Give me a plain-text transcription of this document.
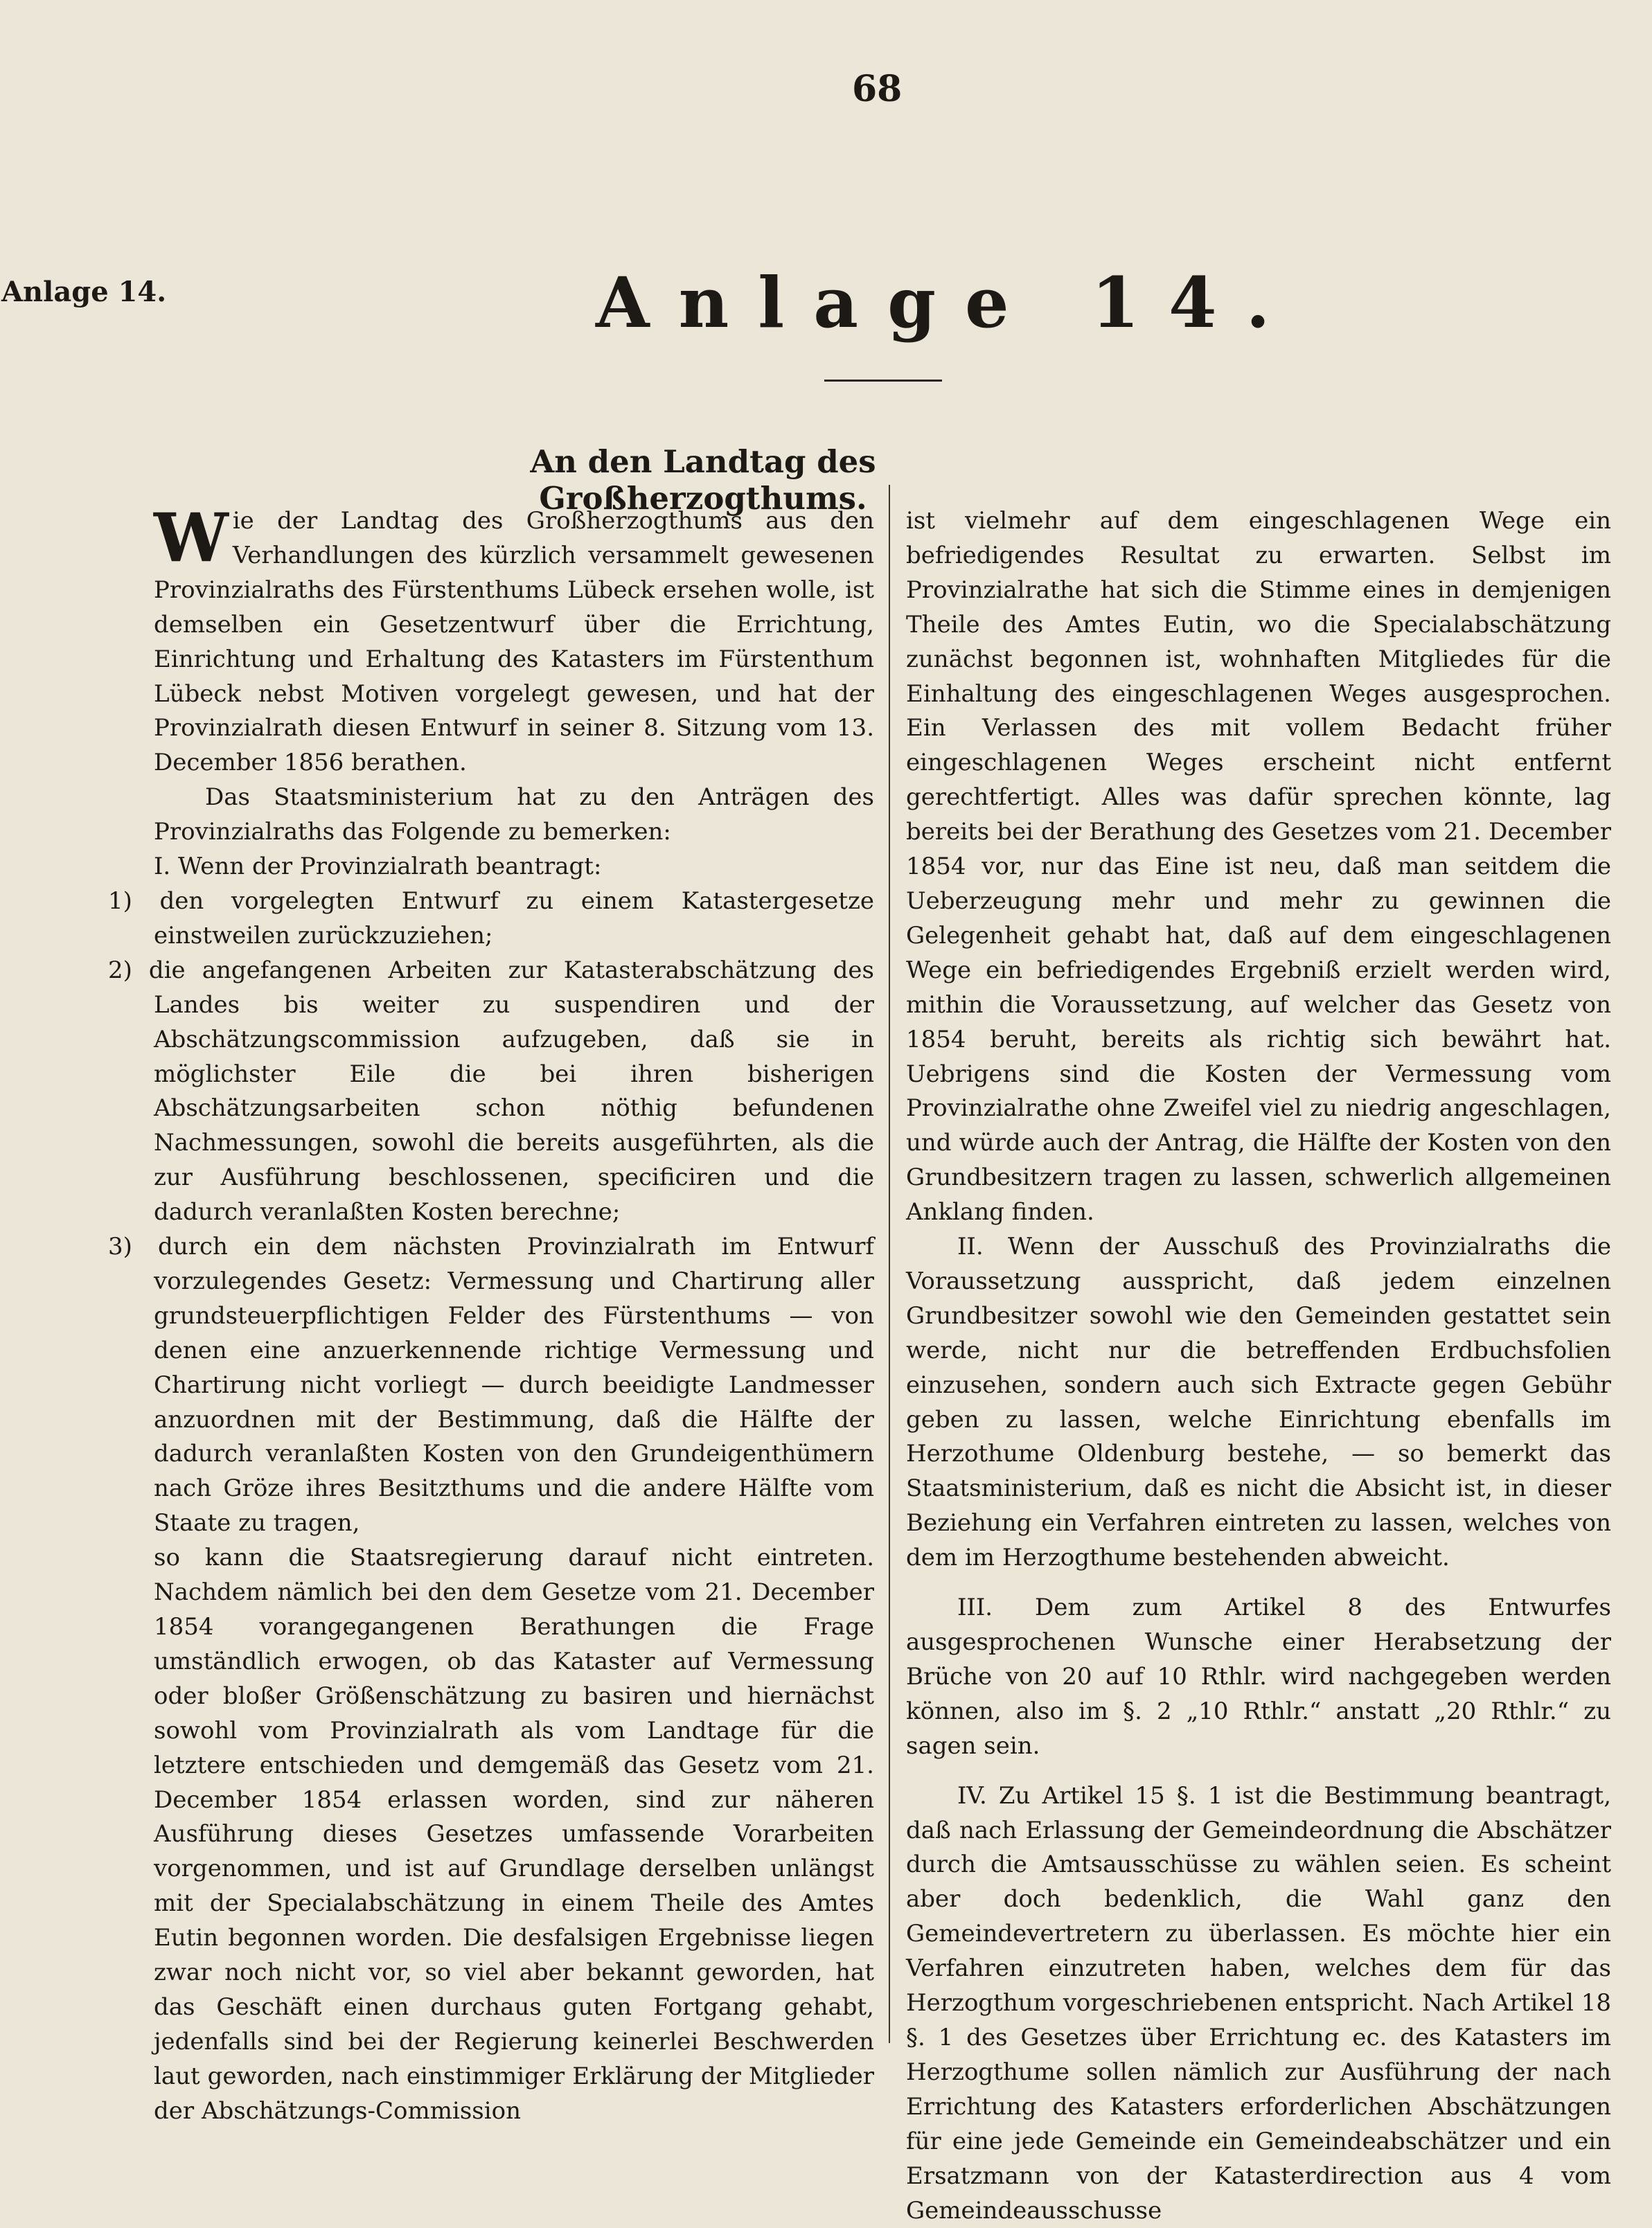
68
Anlage 14.	Anlage 14.
An den Landtag des Großherzogthums.

Wie der Landtag des Großherzogthums aus den Verhandlungen des kürzlich versammelt gewesenen Provinzialraths des Fürstenthums Lübeck ersehen wolle, ist demselben ein Gesetzentwurf über die Errichtung, Einrichtung und Erhaltung des Katasters im Fürstenthum Lübeck nebst Motiven vorgelegt gewesen, und hat der Provinzialrath diesen Entwurf in seiner 8. Sitzung vom 13. December 1856 berathen.

Das Staatsministerium hat zu den Anträgen des Provinzialraths das Folgende zu bemerken:

I. Wenn der Provinzialrath beantragt:

1) den vorgelegten Entwurf zu einem Katastergesetze einstweilen zurückzuziehen;

2) die angefangenen Arbeiten zur Katasterabschätzung des Landes bis weiter zu suspendiren und der Abschätzungscommission aufzugeben, daß sie in möglichster Eile die bei ihren bisherigen Abschätzungsarbeiten schon nöthig befundenen Nachmessungen, sowohl die bereits ausgeführten, als die zur Ausführung beschlossenen, specificiren und die dadurch veranlaßten Kosten berechne;

3) durch ein dem nächsten Provinzialrath im Entwurf vorzulegendes Gesetz: Vermessung und Chartirung aller grundsteuerpflichtigen Felder des Fürstenthums — von denen eine anzuerkennende richtige Vermessung und Chartirung nicht vorliegt — durch beeidigte Landmesser anzuordnen mit der Bestimmung, daß die Hälfte der dadurch veranlaßten Kosten von den Grundeigenthümern nach Gröze ihres Besitzthums und die andere Hälfte vom Staate zu tragen,

so kann die Staatsregierung darauf nicht eintreten. Nachdem nämlich bei den dem Gesetze vom 21. December 1854 vorangegangenen Berathungen die Frage umständlich erwogen, ob das Kataster auf Vermessung oder bloßer Größenschätzung zu basiren und hiernächst sowohl vom Provinzialrath als vom Landtage für die letztere entschieden und demgemäß das Gesetz vom 21. December 1854 erlassen worden, sind zur näheren Ausführung dieses Gesetzes umfassende Vorarbeiten vorgenommen, und ist auf Grundlage derselben unlängst mit der Specialabschätzung in einem Theile des Amtes Eutin begonnen worden. Die desfalsigen Ergebnisse liegen zwar noch nicht vor, so viel aber bekannt geworden, hat das Geschäft einen durchaus guten Fortgang gehabt, jedenfalls sind bei der Regierung keinerlei Beschwerden laut geworden, nach einstimmiger Erklärung der Mitglieder der Abschätzungs-Commission

ist vielmehr auf dem eingeschlagenen Wege ein befriedigendes Resultat zu erwarten. Selbst im Provinzialrathe hat sich die Stimme eines in demjenigen Theile des Amtes Eutin, wo die Specialabschätzung zunächst begonnen ist, wohnhaften Mitgliedes für die Einhaltung des eingeschlagenen Weges ausgesprochen. Ein Verlassen des mit vollem Bedacht früher eingeschlagenen Weges erscheint nicht entfernt gerechtfertigt. Alles was dafür sprechen könnte, lag bereits bei der Berathung des Gesetzes vom 21. December 1854 vor, nur das Eine ist neu, daß man seitdem die Ueberzeugung mehr und mehr zu gewinnen die Gelegenheit gehabt hat, daß auf dem eingeschlagenen Wege ein befriedigendes Ergebniß erzielt werden wird, mithin die Voraussetzung, auf welcher das Gesetz von 1854 beruht, bereits als richtig sich bewährt hat. Uebrigens sind die Kosten der Vermessung vom Provinzialrathe ohne Zweifel viel zu niedrig angeschlagen, und würde auch der Antrag, die Hälfte der Kosten von den Grundbesitzern tragen zu lassen, schwerlich allgemeinen Anklang finden.

II. Wenn der Ausschuß des Provinzialraths die Voraussetzung ausspricht, daß jedem einzelnen Grundbesitzer sowohl wie den Gemeinden gestattet sein werde, nicht nur die betreffenden Erdbuchsfolien einzusehen, sondern auch sich Extracte gegen Gebühr geben zu lassen, welche Einrichtung ebenfalls im Herzothume Oldenburg bestehe, — so bemerkt das Staatsministerium, daß es nicht die Absicht ist, in dieser Beziehung ein Verfahren eintreten zu lassen, welches von dem im Herzogthume bestehenden abweicht.

III. Dem zum Artikel 8 des Entwurfes ausgesprochenen Wunsche einer Herabsetzung der Brüche von 20 auf 10 Rthlr. wird nachgegeben werden können, also im §. 2 „10 Rthlr.“ anstatt „20 Rthlr.“ zu sagen sein.

IV. Zu Artikel 15 §. 1 ist die Bestimmung beantragt, daß nach Erlassung der Gemeindeordnung die Abschätzer durch die Amtsausschüsse zu wählen seien. Es scheint aber doch bedenklich, die Wahl ganz den Gemeindevertretern zu überlassen. Es möchte hier ein Verfahren einzutreten haben, welches dem für das Herzogthum vorgeschriebenen entspricht. Nach Artikel 18 §. 1 des Gesetzes über Errichtung ec. des Katasters im Herzogthume sollen nämlich zur Ausführung der nach Errichtung des Katasters erforderlichen Abschätzungen für eine jede Gemeinde ein Gemeindeabschätzer und ein Ersatzmann von der Katasterdirection aus 4 vom Gemeindeausschusse
